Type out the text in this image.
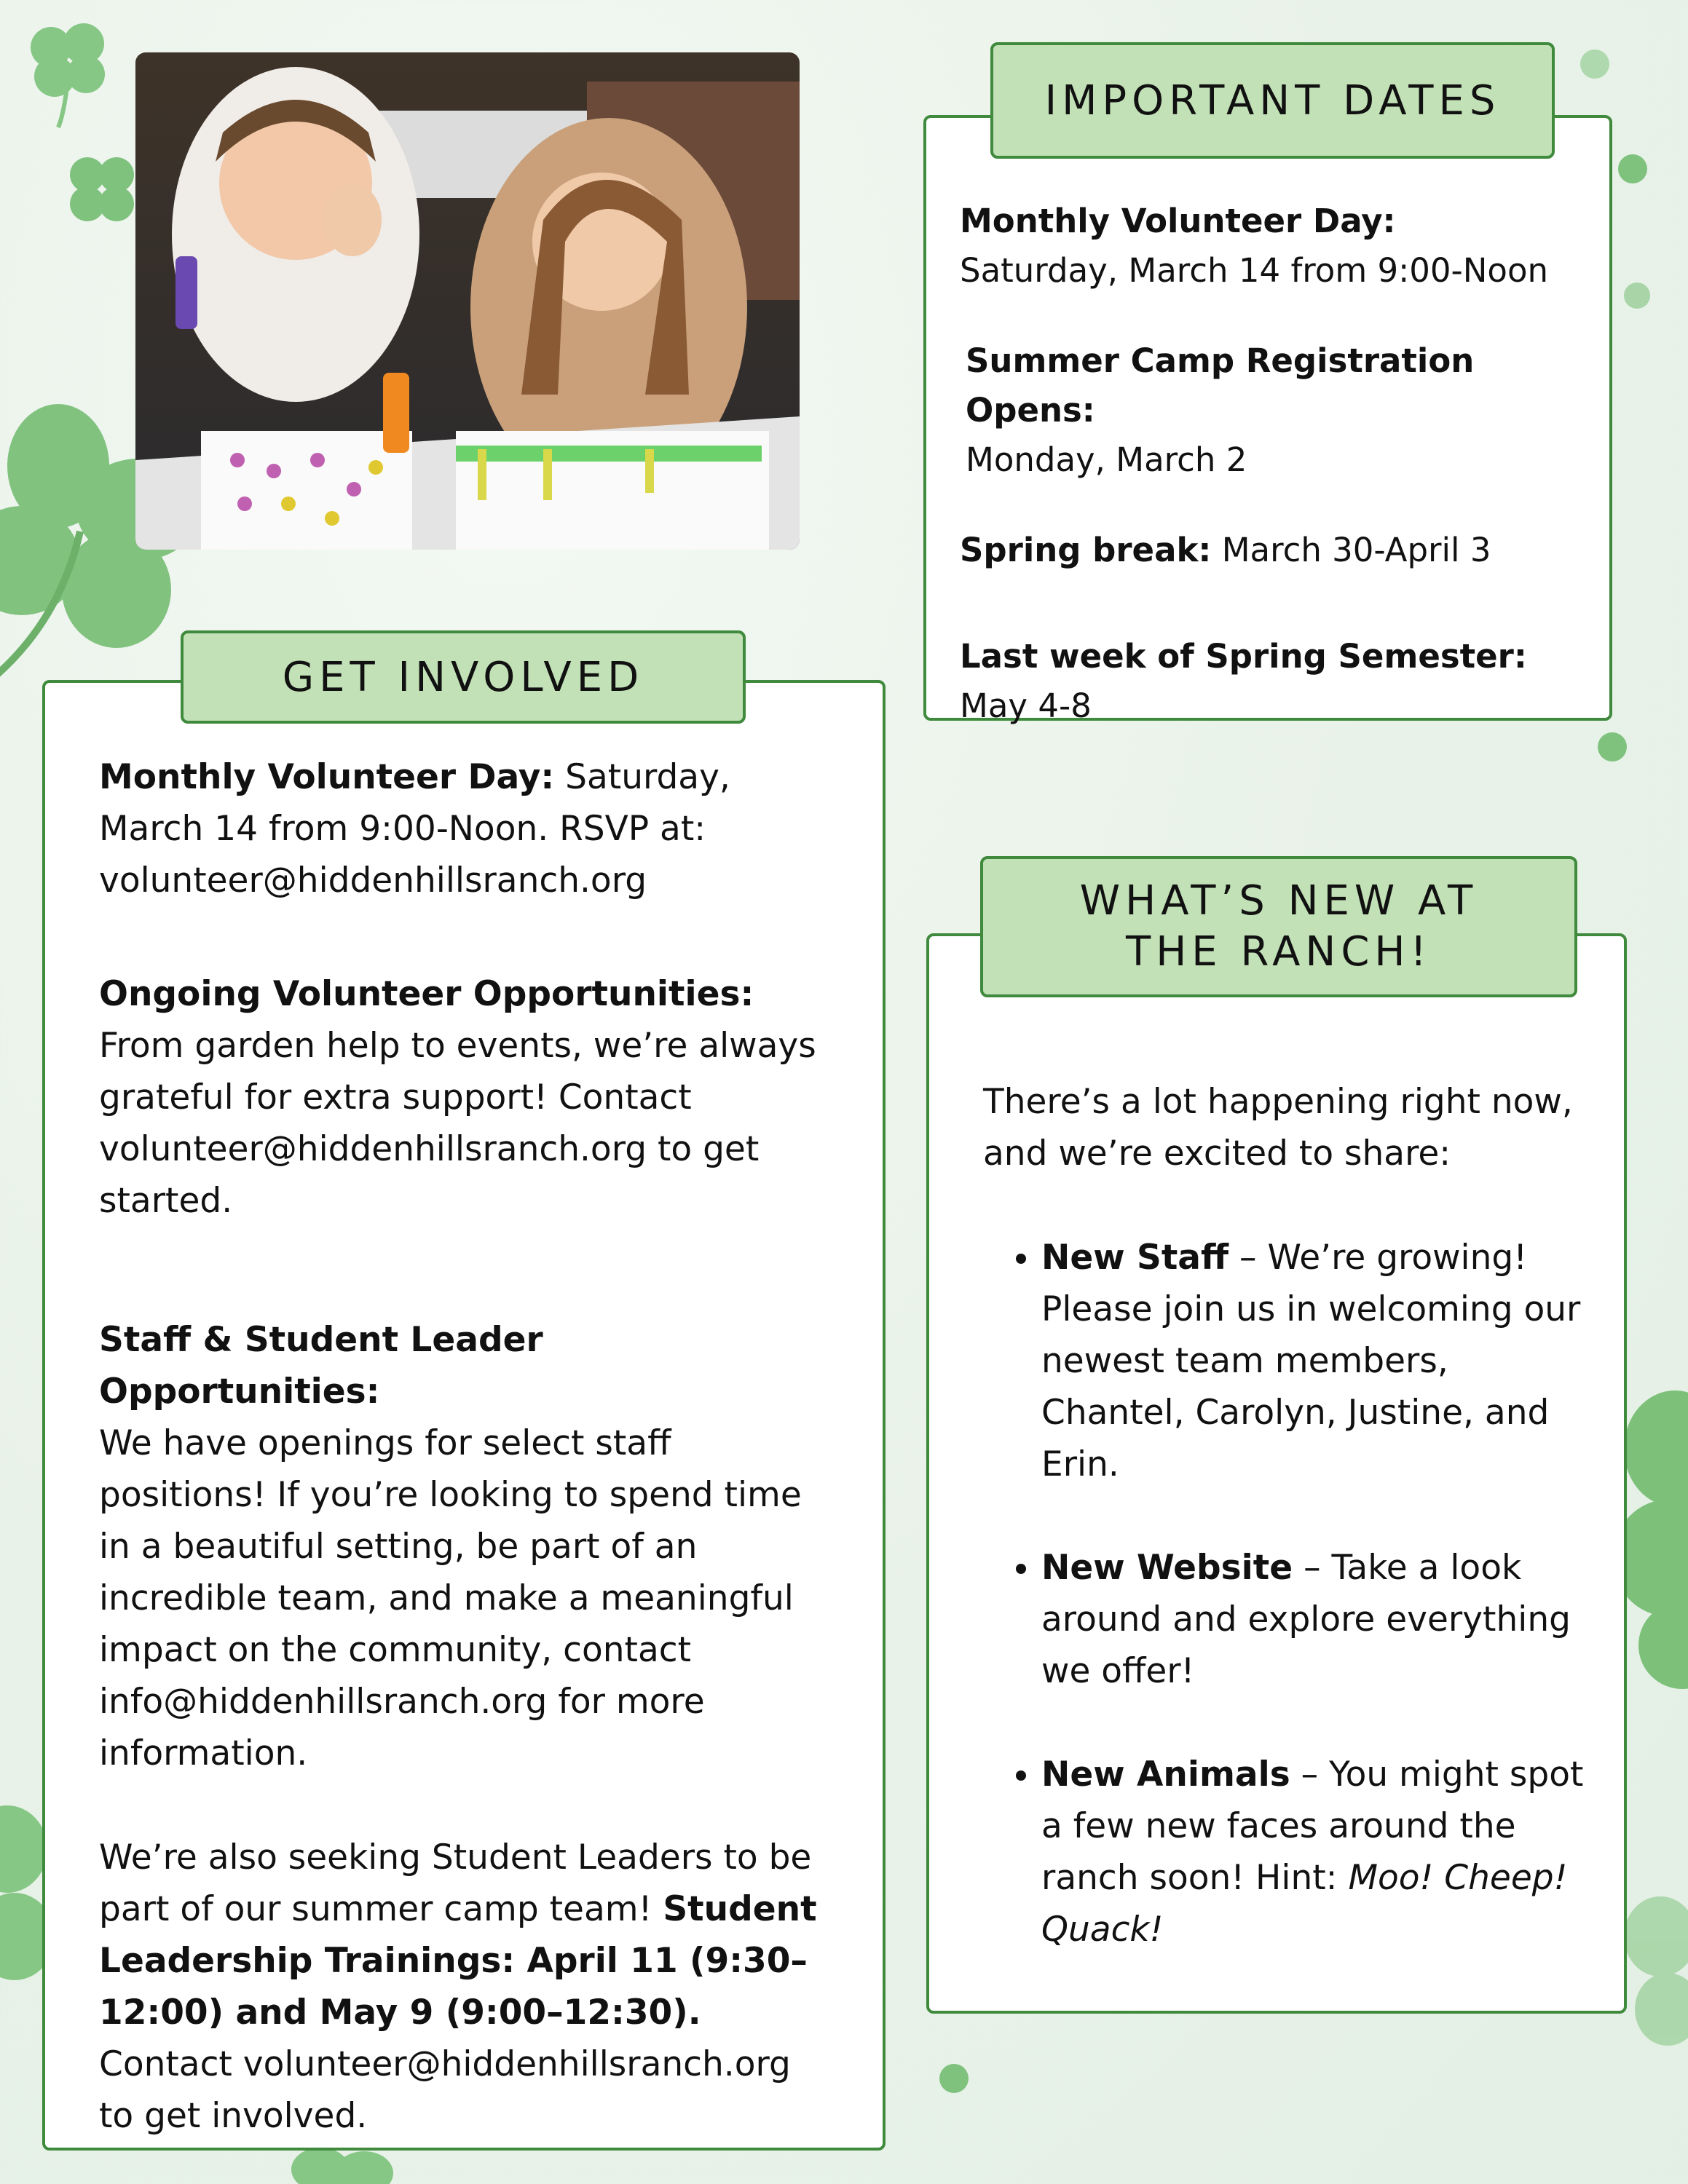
IMPORTANT DATES

Monthly Volunteer Day:
Saturday, March 14 from 9:00-Noon

Summer Camp Registration Opens:
Monday, March 2

Spring break: March 30-April 3

Last week of Spring Semester:
May 4-8

GET INVOLVED

Monthly Volunteer Day: Saturday, March 14 from 9:00-Noon. RSVP at: volunteer@hiddenhillsranch.org

Ongoing Volunteer Opportunities:
From garden help to events, we’re always grateful for extra support! Contact volunteer@hiddenhillsranch.org to get started.

Staff & Student Leader Opportunities:
We have openings for select staff positions! If you’re looking to spend time in a beautiful setting, be part of an incredible team, and make a meaningful impact on the community, contact info@hiddenhillsranch.org for more information.

We’re also seeking Student Leaders to be part of our summer camp team! Student Leadership Trainings: April 11 (9:30–12:00) and May 9 (9:00–12:30). Contact volunteer@hiddenhillsranch.org to get involved.

WHAT’S NEW AT
THE RANCH!

There’s a lot happening right now, and we’re excited to share:

• New Staff – We’re growing! Please join us in welcoming our newest team members, Chantel, Carolyn, Justine, and Erin.
• New Website – Take a look around and explore everything we offer!
• New Animals – You might spot a few new faces around the ranch soon! Hint: Moo! Cheep! Quack!
